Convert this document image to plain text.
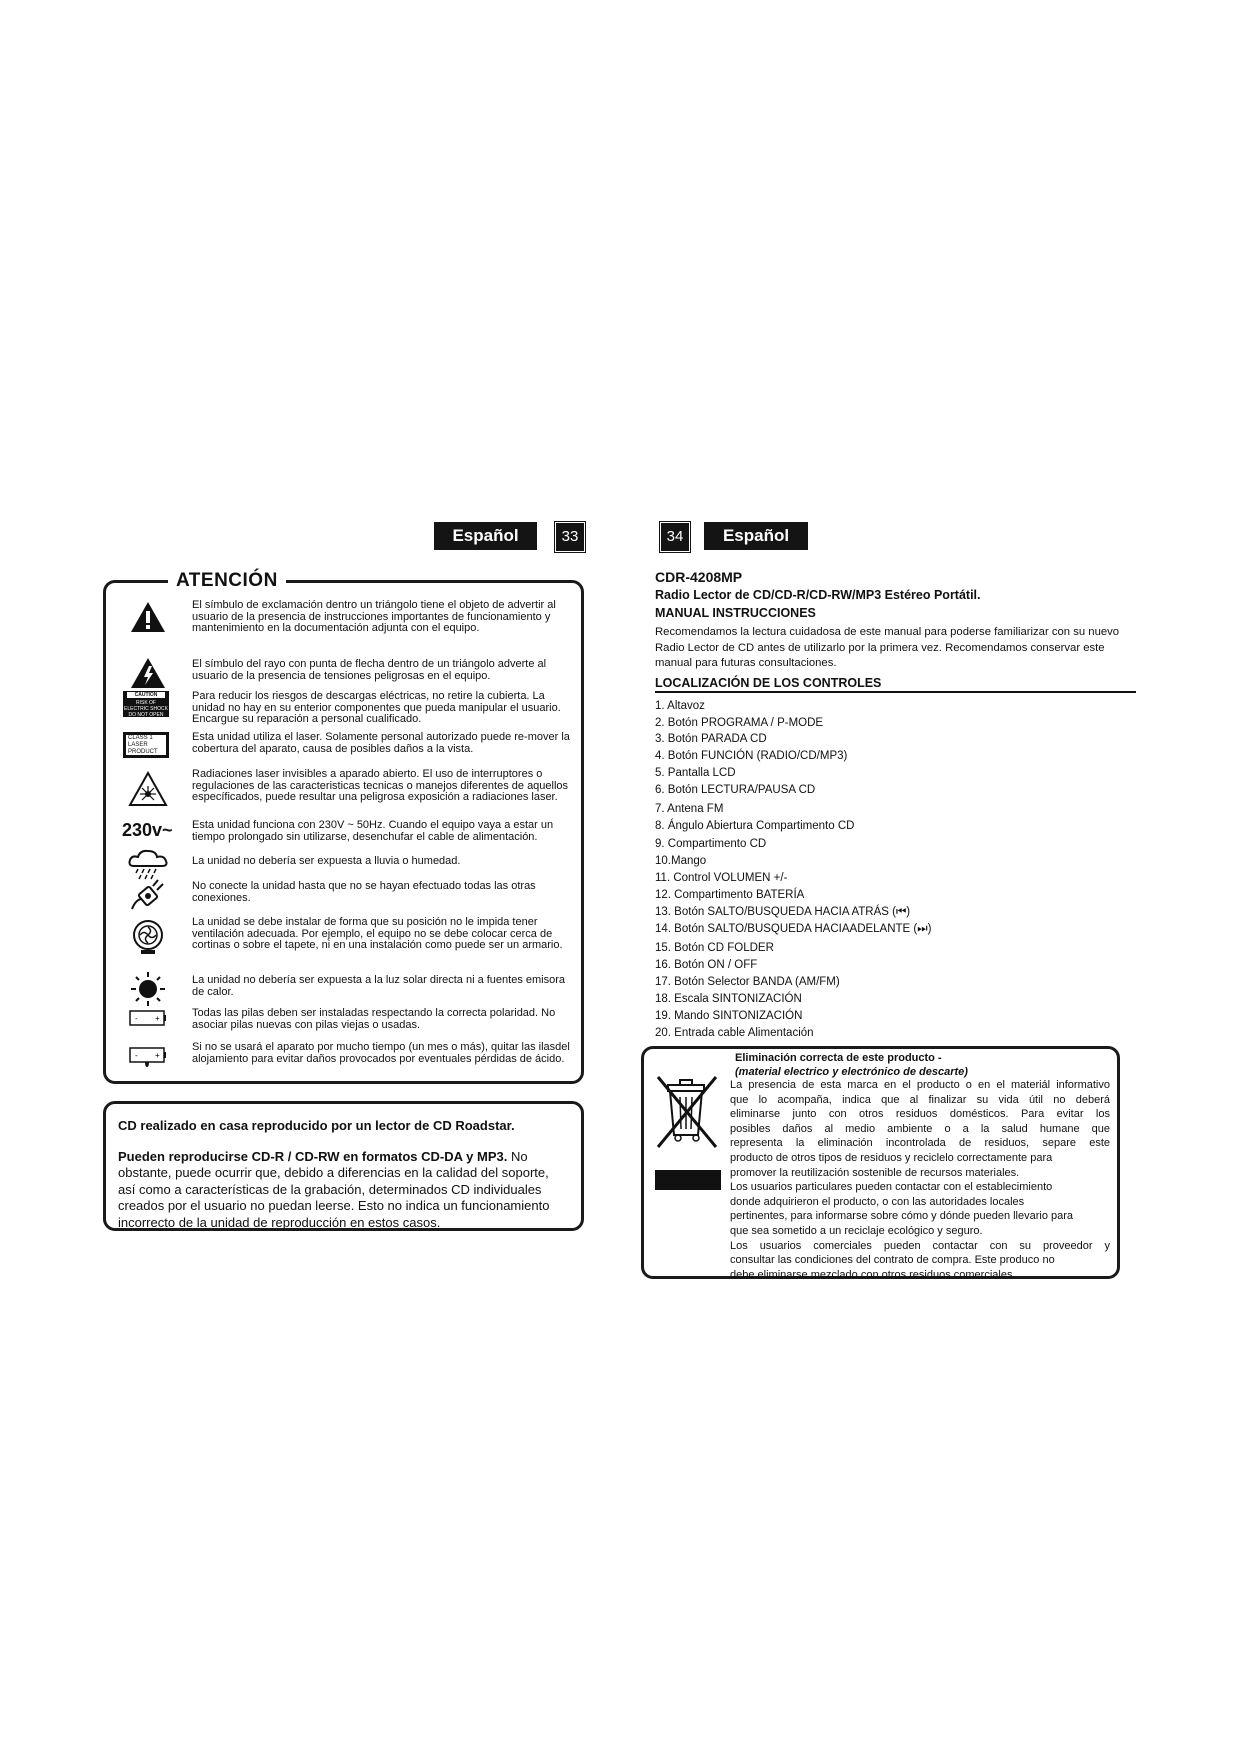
Español	33	34	Español
ATENCIÓN
El símbulo de exclamación dentro un triángolo tiene el objeto de advertir al usuario de la presencia de instrucciones importantes de funcionamiento y mantenimiento en la documentación adjunta con el equipo.
El símbulo del rayo con punta de flecha dentro de un triángolo adverte al usuario de la presencia de tensiones peligrosas en el equipo.
CAUTION
RISK OF ELECTRIC SHOCK DO NOT OPEN
Para reducir los riesgos de descargas eléctricas, no retire la cubierta. La unidad no hay en su enterior componentes que pueda manipular el usuario. Encargue su reparación a personal cualificado.
CLASS 1 LASER PRODUCT
Esta unidad utiliza el laser. Solamente personal autorizado puede re-mover la cobertura del aparato, causa de posibles daños a la vista.
Radiaciones laser invisibles a aparado abierto. El uso de interruptores o regulaciones de las caracteristicas tecnicas o manejos diferentes de aquellos específicados, puede resultar una peligrosa exposición a radiaciones laser.
230v~	Esta unidad funciona con 230V ~ 50Hz. Cuando el equipo vaya a estar un tiempo prolongado sin utilizarse, desenchufar el cable de alimentación.
La unidad no debería ser expuesta a lluvia o humedad.
No conecte la unidad hasta que no se hayan efectuado todas las otras conexiones.
La unidad se debe instalar de forma que su posición no le impida tener ventilación adecuada. Por ejemplo, el equipo no se debe colocar cerca de cortinas o sobre el tapete, ni en una instalación como puede ser un armario.
La unidad no debería ser expuesta a la luz solar directa ni a fuentes emisora de calor.
- +	Todas las pilas deben ser instaladas respectando la correcta polaridad. No asociar pilas nuevas con pilas viejas o usadas.
- +
Si no se usará el aparato por mucho tiempo (un mes o más), quitar las ilasdel alojamiento para evitar daños provocados por eventuales pérdidas de ácido.

CD realizado en casa reproducido por un lector de CD Roadstar.

Pueden reproducirse CD-R / CD-RW en formatos CD-DA y MP3. No obstante, puede ocurrir que, debido a diferencias en la calidad del soporte, así como a características de la grabación, determinados CD individuales creados por el usuario no puedan leerse. Esto no indica un funcionamiento incorrecto de la unidad de reproducción en estos casos.

CDR-4208MP
Radio Lector de CD/CD-R/CD-RW/MP3 Estéreo Portátil.
MANUAL INSTRUCCIONES
Recomendamos la lectura cuidadosa de este manual para poderse familiarizar con su nuevo Radio Lector de CD antes de utilizarlo por la primera vez. Recomendamos conservar este manual para futuras consultaciones.
LOCALIZACIÓN DE LOS CONTROLES
1. Altavoz
2. Botón PROGRAMA / P-MODE
3. Botón PARADA CD
4. Botón FUNCIÓN (RADIO/CD/MP3)
5. Pantalla LCD
6. Botón LECTURA/PAUSA CD
7. Antena FM
8. Ángulo Abiertura Compartimento CD
9. Compartimento CD
10.Mango
11. Control VOLUMEN +/-
12. Compartimento BATERÍA
13. Botón SALTO/BUSQUEDA HACIA ATRÁS (⏮)
14. Botón SALTO/BUSQUEDA HACIAADELANTE (⏭)
15. Botón CD FOLDER
16. Botón ON / OFF
17. Botón Selector BANDA (AM/FM)
18. Escala SINTONIZACIÓN
19. Mando SINTONIZACIÓN
20. Entrada cable Alimentación
Eliminación correcta de este producto -
(material electrico y electrónico de descarte)
La presencia de esta marca en el producto o en el materiál informativo
que lo acompaña, indica que al finalizar su vida útil no deberá
eliminarse junto con otros residuos domésticos. Para evitar los
posibles daños al medio ambiente o a la salud humane que
representa la eliminación incontrolada de residuos, separe este
producto de otros tipos de residuos y reciclelo correctamente para
promover la reutilización sostenible de recursos materiales.
Los usuarios particulares pueden contactar con el establecimiento
donde adquirieron el producto, o con las autoridades locales
pertinentes, para informarse sobre cómo y dónde pueden llevario para
que sea sometido a un reciclaje ecológico y seguro.
Los usuarios comerciales pueden contactar con su proveedor y
consultar las condiciones del contrato de compra. Este produco no
debe eliminarse mezclado con otros residuos comerciales.
